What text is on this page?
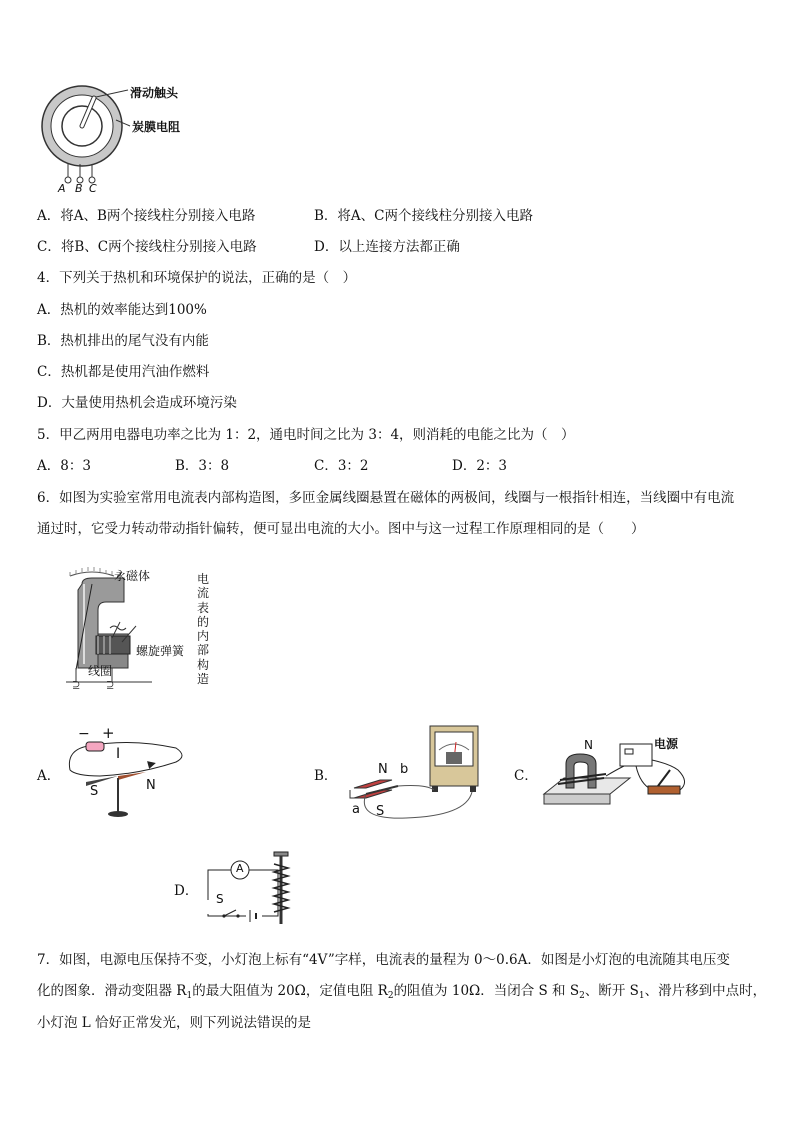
滑动触头
炭膜电阻
A B C
A．将A、B两个接线柱分别接入电路	B．将A、C两个接线柱分别接入电路
C．将B、C两个接线柱分别接入电路	D．以上连接方法都正确
4．下列关于热机和环境保护的说法，正确的是（　）
A．热机的效率能达到100%
B．热机排出的尾气没有内能
C．热机都是使用汽油作燃料
D．大量使用热机会造成环境污染
5．甲乙两用电器电功率之比为 1：2，通电时间之比为 3：4，则消耗的电能之比为（　）
A．8：3	B．3：8	C．3：2	D．2：3
6．如图为实验室常用电流表内部构造图，多匝金属线圈悬置在磁体的两极间，线圈与一根指针相连，当线圈中有电流
通过时，它受力转动带动指针偏转，便可显出电流的大小。图中与这一过程工作原理相同的是（　　）
⊇	⊇
永磁体
螺旋弹簧
线圈
电
流
表
的
内
部
构
造
A．
− +
I
S	N
B．	N b
a S
C．
N	电源
D．
A
S
7．如图，电源电压保持不变，小灯泡上标有“4V”字样，电流表的量程为 0～0.6A．如图是小灯泡的电流随其电压变
化的图象．滑动变阻器 $R_1$的最大阻值为 20Ω，定值电阻 $R_2$的阻值为 10Ω．当闭合 S 和 $S_2$、断开 $S_1$、滑片移到中点时，
小灯泡 L 恰好正常发光，则下列说法错误的是
